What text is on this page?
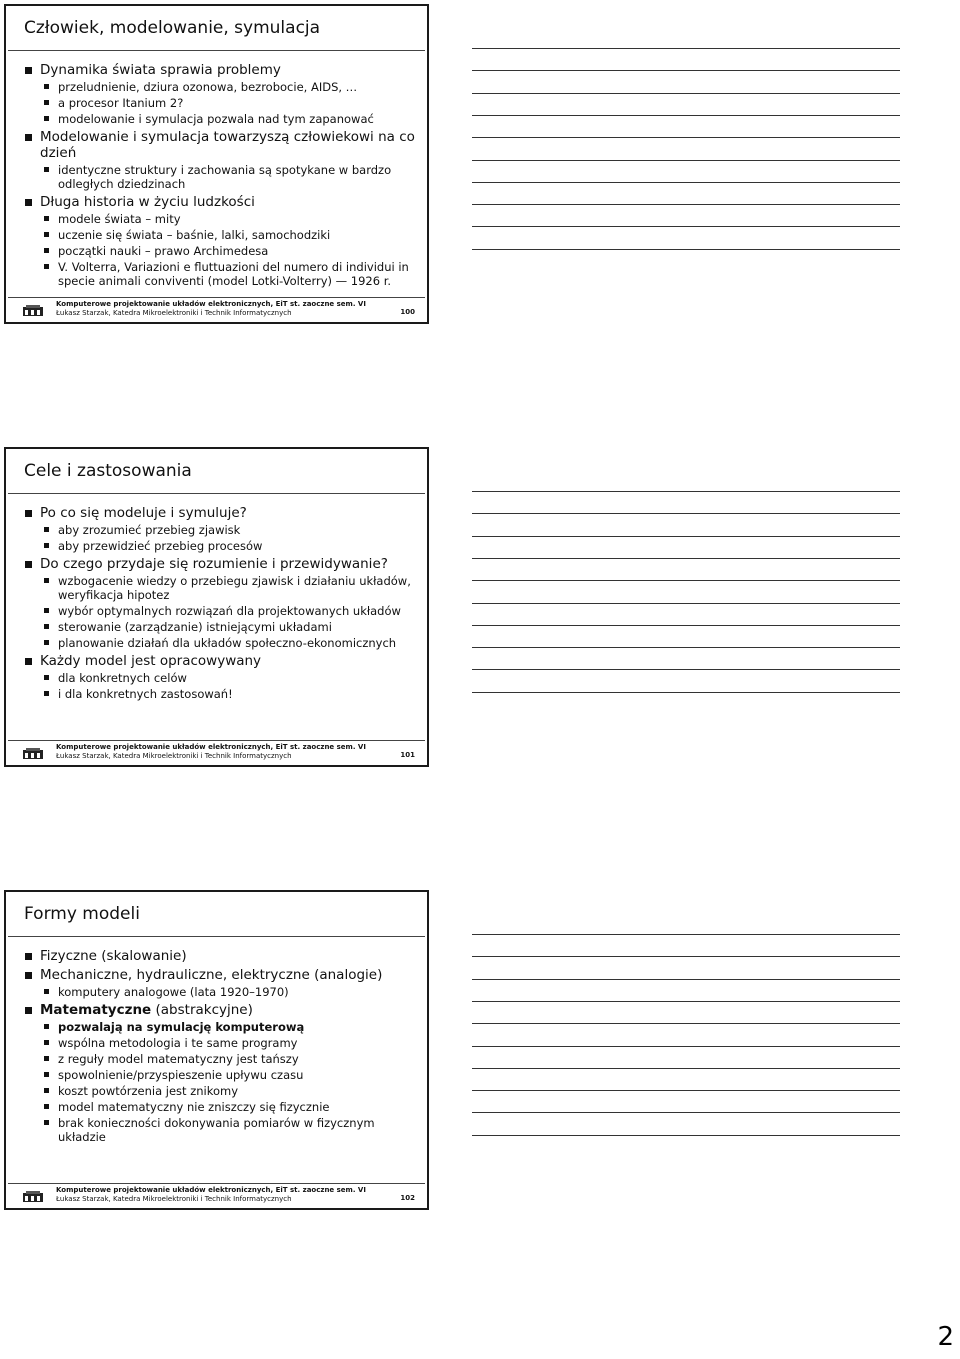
Człowiek, modelowanie, symulacja
Dynamika świata sprawia problemy
przeludnienie, dziura ozonowa, bezrobocie, AIDS, …
a procesor Itanium 2?
modelowanie i symulacja pozwala nad tym zapanować
Modelowanie i symulacja towarzyszą człowiekowi na co dzień
identyczne struktury i zachowania są spotykane w bardzo odległych dziedzinach
Długa historia w życiu ludzkości
modele świata – mity
uczenie się świata – baśnie, lalki, samochodziki
początki nauki – prawo Archimedesa
V. Volterra, Variazioni e fluttuazioni del numero di individui in specie animali conviventi (model Lotki-Volterry) — 1926 r.
Komputerowe projektowanie układów elektronicznych, EiT st. zaoczne sem. VI
Łukasz Starzak, Katedra Mikroelektroniki i Technik Informatycznych	100
Cele i zastosowania
Po co się modeluje i symuluje?
aby zrozumieć przebieg zjawisk
aby przewidzieć przebieg procesów
Do czego przydaje się rozumienie i przewidywanie?
wzbogacenie wiedzy o przebiegu zjawisk i działaniu układów, weryfikacja hipotez
wybór optymalnych rozwiązań dla projektowanych układów
sterowanie (zarządzanie) istniejącymi układami
planowanie działań dla układów społeczno-ekonomicznych
Każdy model jest opracowywany
dla konkretnych celów
i dla konkretnych zastosowań!
Komputerowe projektowanie układów elektronicznych, EiT st. zaoczne sem. VI
Łukasz Starzak, Katedra Mikroelektroniki i Technik Informatycznych	101
Formy modeli
Fizyczne (skalowanie)
Mechaniczne, hydrauliczne, elektryczne (analogie)
komputery analogowe (lata 1920–1970)
Matematyczne (abstrakcyjne)
pozwalają na symulację komputerową
wspólna metodologia i te same programy
z reguły model matematyczny jest tańszy
spowolnienie/przyspieszenie upływu czasu
koszt powtórzenia jest znikomy
model matematyczny nie zniszczy się fizycznie
brak konieczności dokonywania pomiarów w fizycznym układzie
Komputerowe projektowanie układów elektronicznych, EiT st. zaoczne sem. VI
Łukasz Starzak, Katedra Mikroelektroniki i Technik Informatycznych	102
2
